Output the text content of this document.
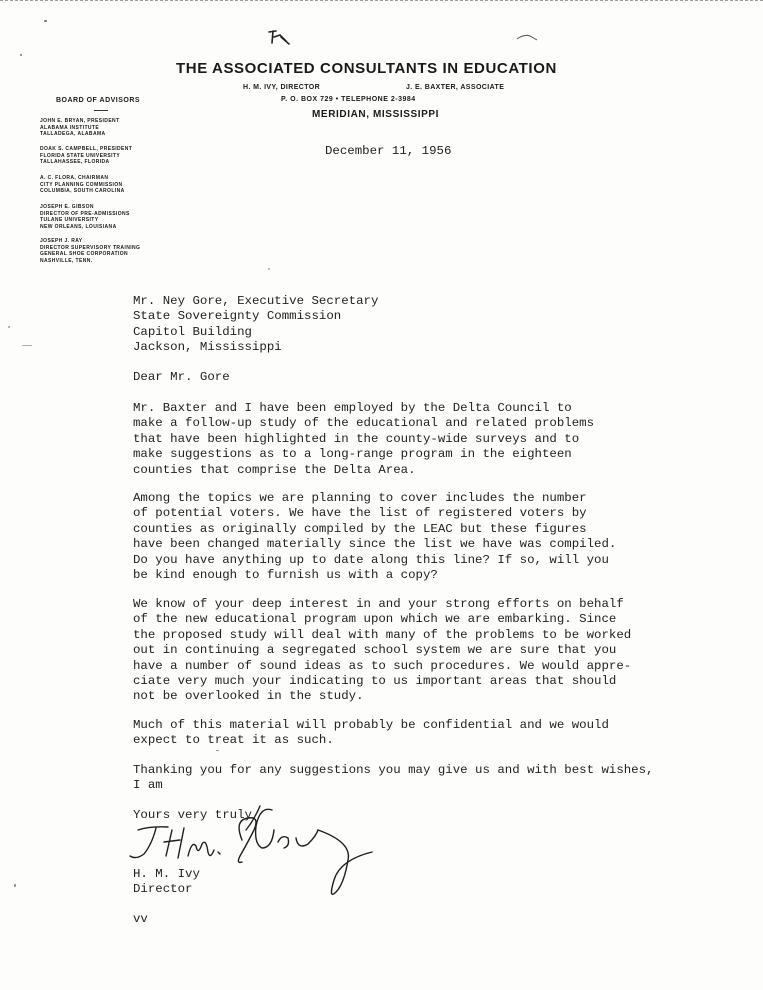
THE ASSOCIATED CONSULTANTS IN EDUCATION
H. M. IVY, DIRECTOR	J. E. BAXTER, ASSOCIATE
P. O. BOX 729 • TELEPHONE 2-3984
MERIDIAN, MISSISSIPPI
BOARD OF ADVISORS
JOHN E. BRYAN, PRESIDENT
ALABAMA INSTITUTE
TALLADEGA, ALABAMA
DOAK S. CAMPBELL, PRESIDENT
FLORIDA STATE UNIVERSITY
TALLAHASSEE, FLORIDA
A. C. FLORA, CHAIRMAN
CITY PLANNING COMMISSION
COLUMBIA, SOUTH CAROLINA
JOSEPH E. GIBSON
DIRECTOR OF PRE-ADMISSIONS
TULANE UNIVERSITY
NEW ORLEANS, LOUISIANA
JOSEPH J. RAY
DIRECTOR SUPERVISORY TRAINING
GENERAL SHOE CORPORATION
NASHVILLE, TENN.
December 11, 1956
Mr. Ney Gore, Executive Secretary
State Sovereignty Commission
Capitol Building
Jackson, Mississippi
Dear Mr. Gore
Mr. Baxter and I have been employed by the Delta Council to
make a follow-up study of the educational and related problems
that have been highlighted in the county-wide surveys and to
make suggestions as to a long-range program in the eighteen
counties that comprise the Delta Area.
Among the topics we are planning to cover includes the number
of potential voters. We have the list of registered voters by
counties as originally compiled by the LEAC but these figures
have been changed materially since the list we have was compiled.
Do you have anything up to date along this line? If so, will you
be kind enough to furnish us with a copy?
We know of your deep interest in and your strong efforts on behalf
of the new educational program upon which we are embarking. Since
the proposed study will deal with many of the problems to be worked
out in continuing a segregated school system we are sure that you
have a number of sound ideas as to such procedures. We would appre-
ciate very much your indicating to us important areas that should
not be overlooked in the study.
Much of this material will probably be confidential and we would
expect to treat it as such.
Thanking you for any suggestions you may give us and with best wishes,
I am
Yours very truly
H. M. Ivy
Director
vv
